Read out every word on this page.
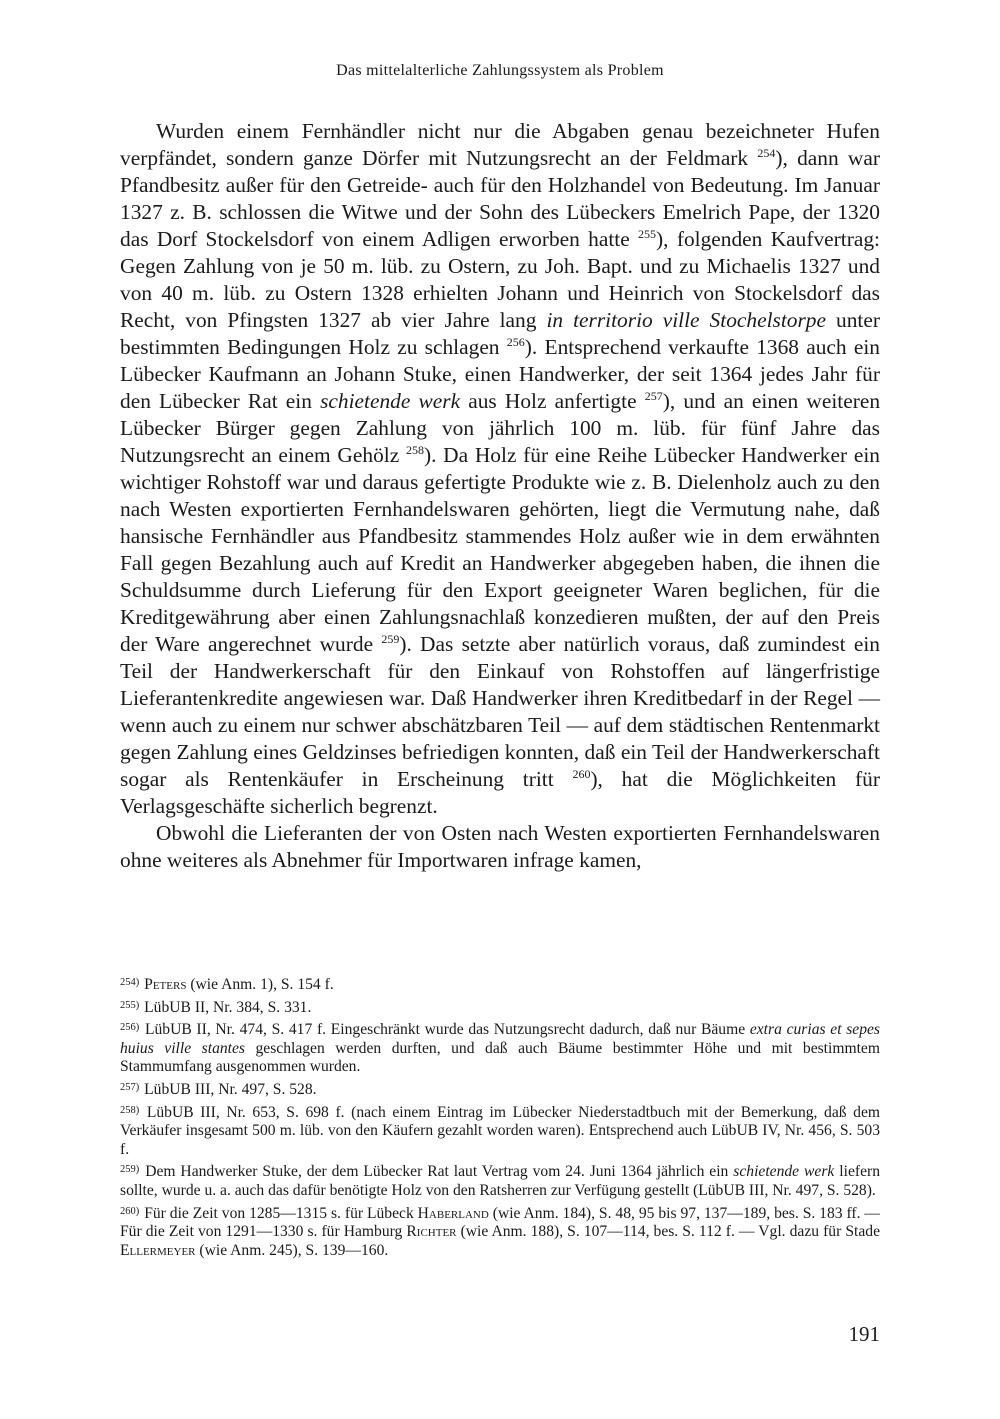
Das mittelalterliche Zahlungssystem als Problem

Wurden einem Fernhändler nicht nur die Abgaben genau bezeichneter Hufen verpfändet, sondern ganze Dörfer mit Nutzungsrecht an der Feldmark $^{254}$), dann war Pfandbesitz außer für den Getreide- auch für den Holzhandel von Bedeutung. Im Januar 1327 z. B. schlossen die Witwe und der Sohn des Lübeckers Emelrich Pape, der 1320 das Dorf Stockelsdorf von einem Adligen erworben hatte $^{255}$), folgenden Kaufvertrag: Gegen Zahlung von je 50 m. lüb. zu Ostern, zu Joh. Bapt. und zu Michaelis 1327 und von 40 m. lüb. zu Ostern 1328 erhielten Johann und Heinrich von Stockelsdorf das Recht, von Pfingsten 1327 ab vier Jahre lang in territorio ville Stochelstorpe unter bestimmten Bedingungen Holz zu schlagen $^{256}$). Entsprechend verkaufte 1368 auch ein Lübecker Kaufmann an Johann Stuke, einen Handwerker, der seit 1364 jedes Jahr für den Lübecker Rat ein schietende werk aus Holz anfertigte $^{257}$), und an einen weiteren Lübecker Bürger gegen Zahlung von jährlich 100 m. lüb. für fünf Jahre das Nutzungsrecht an einem Gehölz $^{258}$). Da Holz für eine Reihe Lübecker Handwerker ein wichtiger Rohstoff war und daraus gefertigte Produkte wie z. B. Dielenholz auch zu den nach Westen exportierten Fernhandelswaren gehörten, liegt die Vermutung nahe, daß hansische Fernhändler aus Pfandbesitz stammendes Holz außer wie in dem erwähnten Fall gegen Bezahlung auch auf Kredit an Handwerker abgegeben haben, die ihnen die Schuldsumme durch Lieferung für den Export geeigneter Waren beglichen, für die Kreditgewährung aber einen Zahlungsnachlaß konzedieren mußten, der auf den Preis der Ware angerechnet wurde $^{259}$). Das setzte aber natürlich voraus, daß zumindest ein Teil der Handwerkerschaft für den Einkauf von Rohstoffen auf längerfristige Lieferantenkredite angewiesen war. Daß Handwerker ihren Kreditbedarf in der Regel — wenn auch zu einem nur schwer abschätzbaren Teil — auf dem städtischen Rentenmarkt gegen Zahlung eines Geldzinses befriedigen konnten, daß ein Teil der Handwerkerschaft sogar als Rentenkäufer in Erscheinung tritt $^{260}$), hat die Möglichkeiten für Verlagsgeschäfte sicherlich begrenzt.

Obwohl die Lieferanten der von Osten nach Westen exportierten Fernhandelswaren ohne weiteres als Abnehmer für Importwaren infrage kamen,

$^{254)}$ Peters (wie Anm. 1), S. 154 f.
$^{255)}$ LübUB II, Nr. 384, S. 331.
$^{256)}$ LübUB II, Nr. 474, S. 417 f. Eingeschränkt wurde das Nutzungsrecht dadurch, daß nur Bäume extra curias et sepes huius ville stantes geschlagen werden durften, und daß auch Bäume bestimmter Höhe und mit bestimmtem Stammumfang ausgenommen wurden.
$^{257)}$ LübUB III, Nr. 497, S. 528.
$^{258)}$ LübUB III, Nr. 653, S. 698 f. (nach einem Eintrag im Lübecker Niederstadtbuch mit der Bemerkung, daß dem Verkäufer insgesamt 500 m. lüb. von den Käufern gezahlt worden waren). Entsprechend auch LübUB IV, Nr. 456, S. 503 f.
$^{259)}$ Dem Handwerker Stuke, der dem Lübecker Rat laut Vertrag vom 24. Juni 1364 jährlich ein schietende werk liefern sollte, wurde u. a. auch das dafür benötigte Holz von den Ratsherren zur Verfügung gestellt (LübUB III, Nr. 497, S. 528).
$^{260)}$ Für die Zeit von 1285—1315 s. für Lübeck Haberland (wie Anm. 184), S. 48, 95 bis 97, 137—189, bes. S. 183 ff. — Für die Zeit von 1291—1330 s. für Hamburg Richter (wie Anm. 188), S. 107—114, bes. S. 112 f. — Vgl. dazu für Stade Ellermeyer (wie Anm. 245), S. 139—160.
191
